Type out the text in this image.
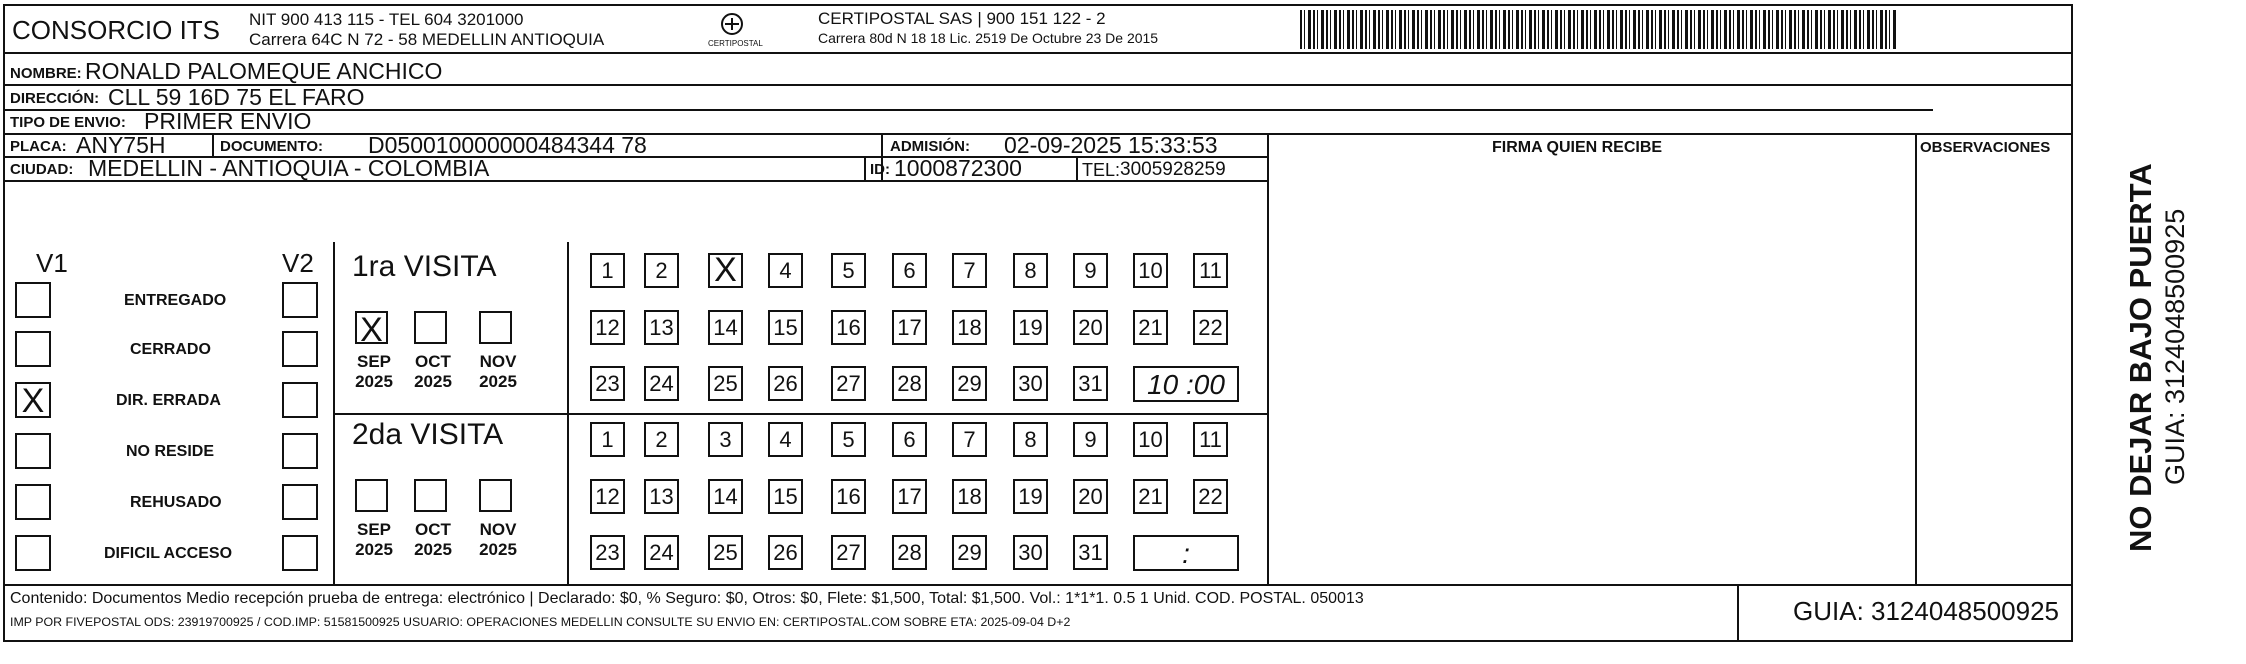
CONSORCIO ITS NIT 900 413 115 - TEL 604 3201000
Carrera 64C N 72 - 58 MEDELLIN ANTIOQUIA	CERTIPOSTAL
CERTIPOSTAL SAS | 900 151 122 - 2
Carrera 80d N 18 18 Lic. 2519 De Octubre 23 De 2015
NOMBRE: RONALD PALOMEQUE ANCHICO
DIRECCIÓN: CLL 59 16D 75 EL FARO
TIPO DE ENVIO: PRIMER ENVIO
PLACA: ANY75H	DOCUMENTO: D050010000000484344 78	ADMISIÓN: 02-09-2025 15:33:53
CIUDAD: MEDELLIN - ANTIOQUIA - COLOMBIA	ID: 1000872300	TEL: 3005928259
FIRMA QUIEN RECIBE	OBSERVACIONES
V1	V2
ENTREGADO
CERRADO
X	DIR. ERRADA
NO RESIDE
REHUSADO
DIFICIL ACCESO
1ra VISITA
2da VISITA
X
SEP
2025
OCT
2025
NOV
2025
SEP
2025
OCT
2025
NOV
2025
1	2	X	4	5	6	7	8	9	10 11
12 13 14 15 16 17 18 19 20 21 22
23 24 25 26 27 28 29 30 31	10 :00
1	2	3	4	5	6	7	8	9	10 11
12 13 14 15 16 17 18 19 20 21 22
23 24 25 26 27 28 29 30 31	:
Contenido: Documentos Medio recepción prueba de entrega: electrónico | Declarado: $0, % Seguro: $0, Otros: $0, Flete: $1,500, Total: $1,500. Vol.: 1*1*1. 0.5 1 Unid. COD. POSTAL. 050013
IMP POR FIVEPOSTAL ODS: 23919700925 / COD.IMP: 51581500925 USUARIO: OPERACIONES MEDELLIN CONSULTE SU ENVIO EN: CERTIPOSTAL.COM SOBRE ETA: 2025-09-04 D+2	GUIA: 3124048500925
NO DEJAR BAJO PUERTA GUIA: 3124048500925
